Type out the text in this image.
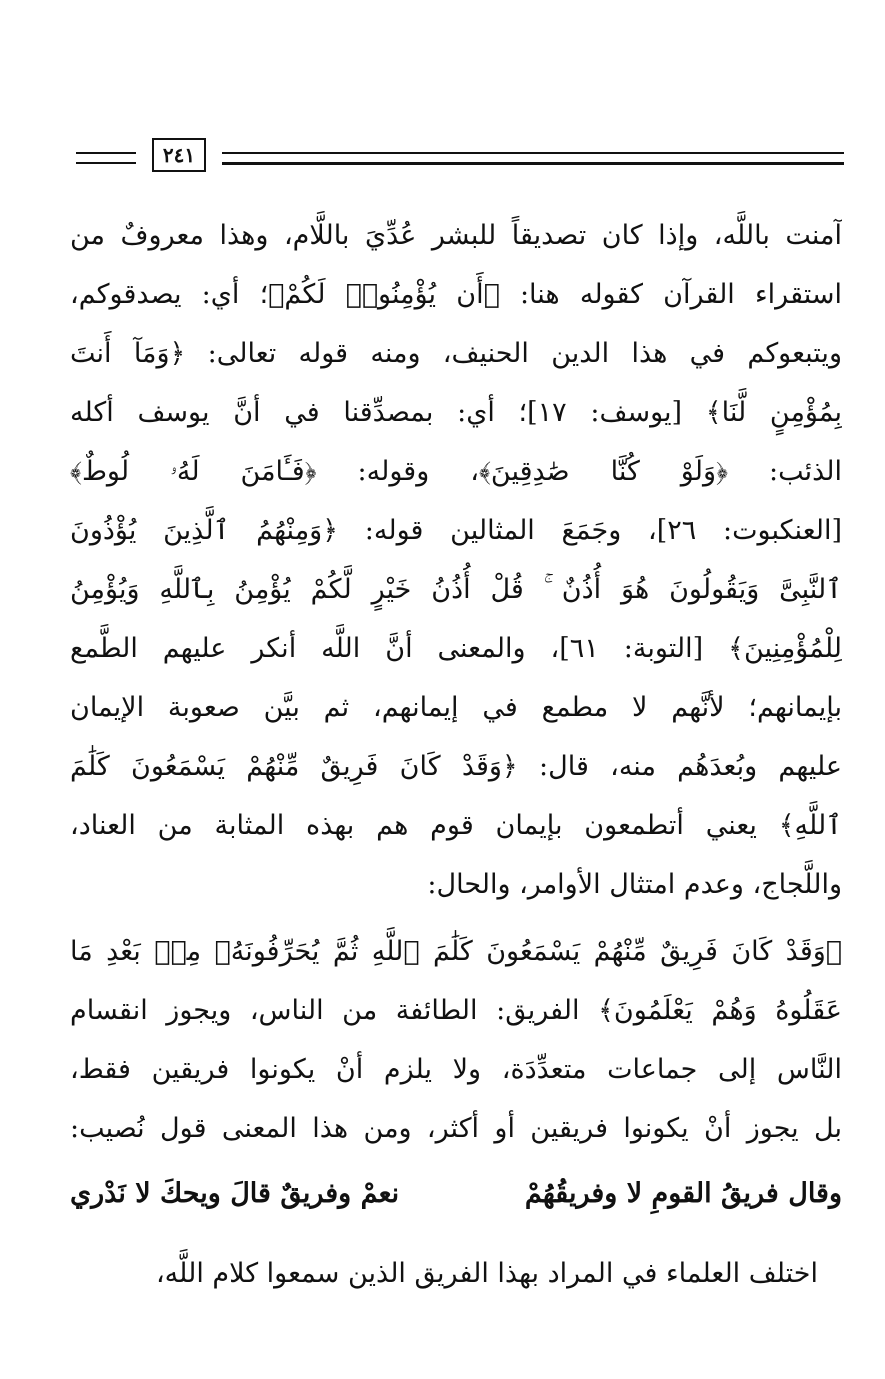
٢٤١
آمنت باللَّه، وإذا كان تصديقاً للبشر عُدِّيَ باللَّام، وهذا معروفٌ من
استقراء القرآن كقوله هنا: ﴿أَن يُؤْمِنُوا۟ لَكُمْ﴾؛ أي: يصدقوكم،
ويتبعوكم في هذا الدين الحنيف، ومنه قوله تعالى: ﴿وَمَآ أَنتَ
بِمُؤْمِنٍ لَّنَا﴾ [يوسف: ١٧]؛ أي: بمصدِّقنا في أنَّ يوسف أكله
الذئب: ﴿وَلَوْ كُنَّا صَٰدِقِينَ﴾، وقوله: ﴿فَـَٔامَنَ لَهُۥ لُوطٌ﴾
[العنكبوت: ٢٦]، وجَمَعَ المثالين قوله: ﴿وَمِنْهُمُ ٱلَّذِينَ يُؤْذُونَ
ٱلنَّبِىَّ وَيَقُولُونَ هُوَ أُذُنٌ ۚ قُلْ أُذُنُ خَيْرٍ لَّكُمْ يُؤْمِنُ بِٱللَّهِ وَيُؤْمِنُ
لِلْمُؤْمِنِينَ﴾ [التوبة: ٦١]، والمعنى أنَّ اللَّه أنكر عليهم الطَّمع
بإيمانهم؛ لأنَّهم لا مطمع في إيمانهم، ثم بيَّن صعوبة الإيمان
عليهم وبُعدَهُم منه، قال: ﴿وَقَدْ كَانَ فَرِيقٌ مِّنْهُمْ يَسْمَعُونَ كَلَٰمَ
ٱللَّهِ﴾ يعني أتطمعون بإيمان قوم هم بهذه المثابة من العناد،
واللَّجاج، وعدم امتثال الأوامر، والحال:
﴿وَقَدْ كَانَ فَرِيقٌ مِّنْهُمْ يَسْمَعُونَ كَلَٰمَ ٱللَّهِ ثُمَّ يُحَرِّفُونَهُۥ مِنۢ بَعْدِ مَا
عَقَلُوهُ وَهُمْ يَعْلَمُونَ﴾ الفريق: الطائفة من الناس، ويجوز انقسام
النَّاس إلى جماعات متعدِّدَة، ولا يلزم أنْ يكونوا فريقين فقط،
بل يجوز أنْ يكونوا فريقين أو أكثر، ومن هذا المعنى قول نُصيب:
وقال فريقُ القومِ لا وفريقُهُمْ
نعمْ وفريقٌ قالَ ويحكَ لا نَدْري
اختلف العلماء في المراد بهذا الفريق الذين سمعوا كلام اللَّه،
